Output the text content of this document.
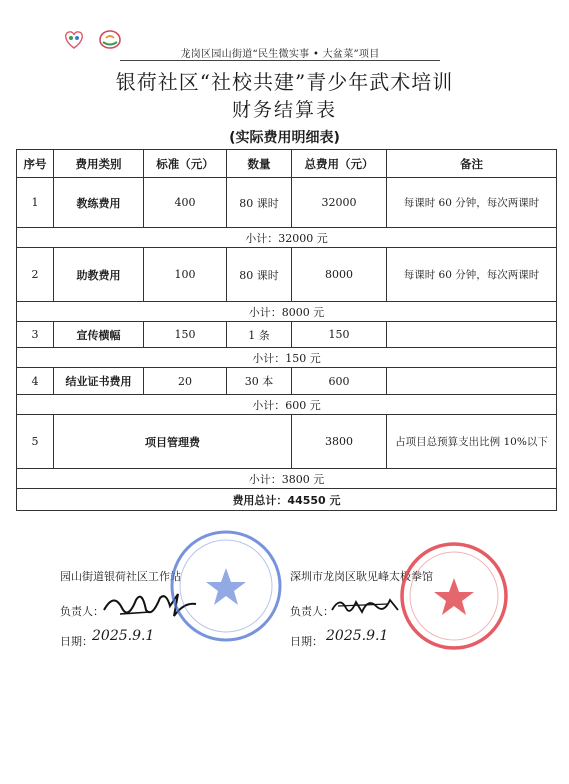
龙岗区园山街道“民生微实事 • 大盆菜”项目
银荷社区“社校共建”青少年武术培训
财务结算表
(实际费用明细表)
序号	费用类别	标准（元）	数量	总费用（元）	备注
1	教练费用	400	80 课时	32000	每课时 60 分钟，每次两课时
小计：32000 元					
2	助教费用	100	80 课时	8000	每课时 60 分钟，每次两课时
小计：8000 元					
3	宣传横幅	150	1 条	150	
小计：150 元					
4	结业证书费用	20	30 本	600	
小计：600 元					
5	项目管理费			3800	占项目总预算支出比例 10%以下
小计：3800 元					
费用总计：44550 元					
园山街道银荷社区工作站
负责人：
日期： 2025.9.1
深圳市龙岗区耿见峰太极拳馆
负责人：
日期： 2025.9.1
